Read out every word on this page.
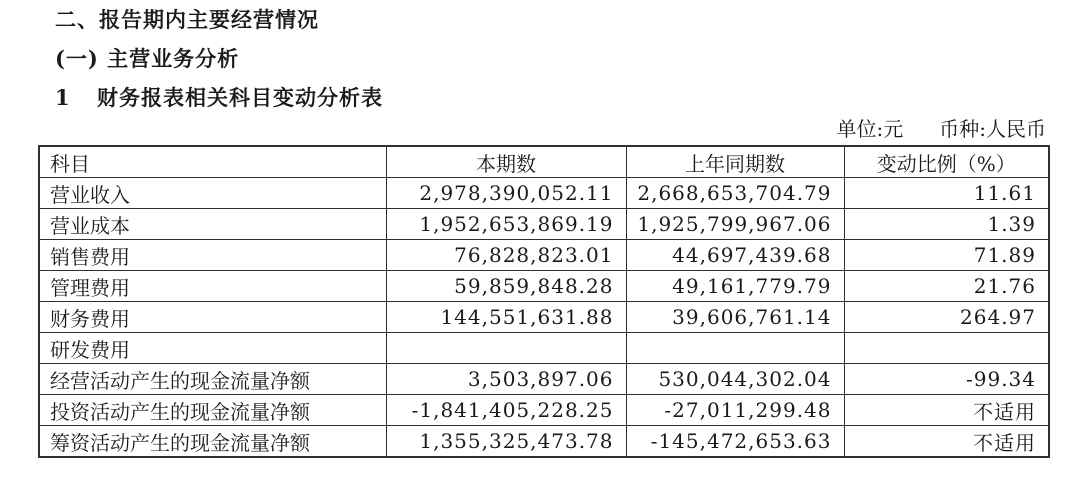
二、报告期内主要经营情况
(一) 主营业务分析
1 财务报表相关科目变动分析表
单位:元 币种:人民币
科目	本期数	上年同期数	变动比例（%）
营业收入	2,978,390,052.11	2,668,653,704.79	11.61
营业成本	1,952,653,869.19	1,925,799,967.06	1.39
销售费用	76,828,823.01	44,697,439.68	71.89
管理费用	59,859,848.28	49,161,779.79	21.76
财务费用	144,551,631.88	39,606,761.14	264.97
研发费用			
经营活动产生的现金流量净额	3,503,897.06	530,044,302.04	-99.34
投资活动产生的现金流量净额	-1,841,405,228.25	-27,011,299.48	不适用
筹资活动产生的现金流量净额	1,355,325,473.78	-145,472,653.63	不适用
